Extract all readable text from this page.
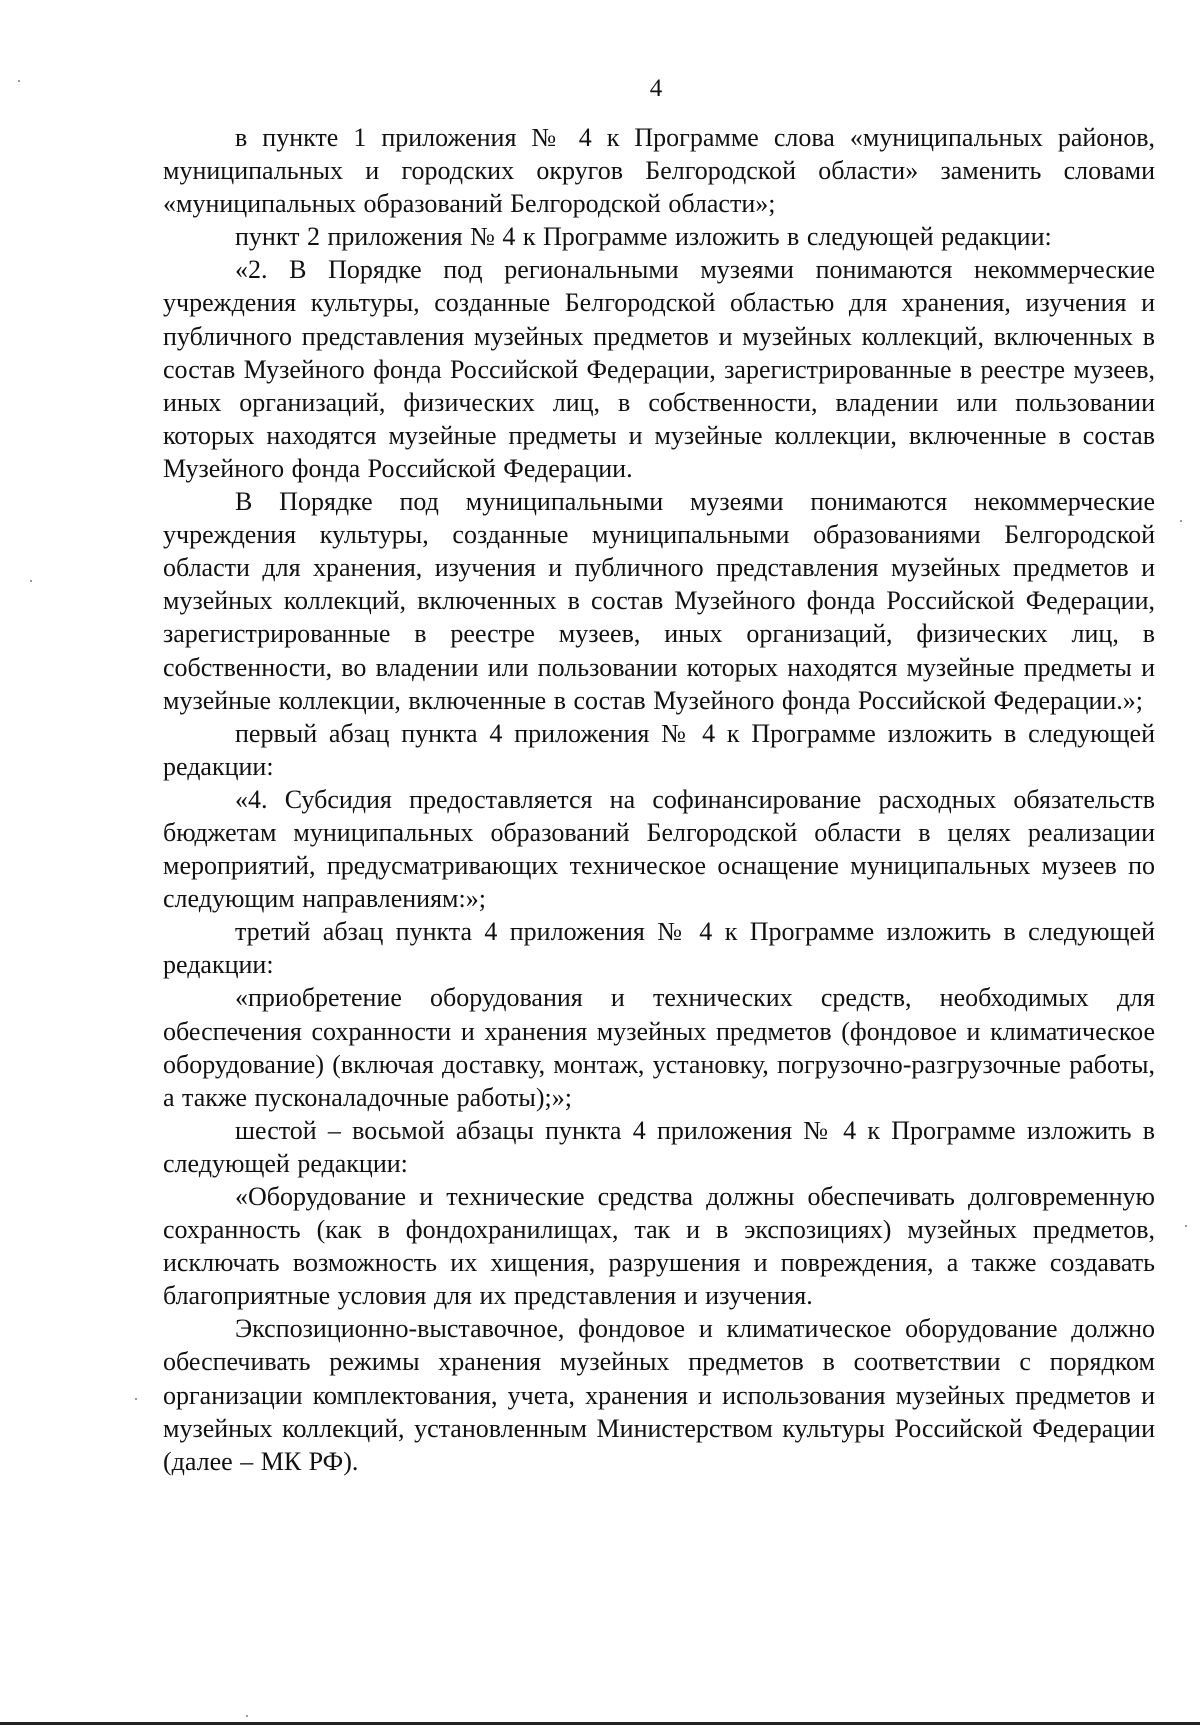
4

в пункте 1 приложения № 4 к Программе слова «муниципальных районов, муниципальных и городских округов Белгородской области» заменить словами «муниципальных образований Белгородской области»;

пункт 2 приложения № 4 к Программе изложить в следующей редакции:

«2. В Порядке под региональными музеями понимаются некоммерческие учреждения культуры, созданные Белгородской областью для хранения, изучения и публичного представления музейных предметов и музейных коллекций, включенных в состав Музейного фонда Российской Федерации, зарегистрированные в реестре музеев, иных организаций, физических лиц, в собственности, владении или пользовании которых находятся музейные предметы и музейные коллекции, включенные в состав Музейного фонда Российской Федерации.

В Порядке под муниципальными музеями понимаются некоммерческие учреждения культуры, созданные муниципальными образованиями Белгородской области для хранения, изучения и публичного представления музейных предметов и музейных коллекций, включенных в состав Музейного фонда Российской Федерации, зарегистрированные в реестре музеев, иных организаций, физических лиц, в собственности, во владении или пользовании которых находятся музейные предметы и музейные коллекции, включенные в состав Музейного фонда Российской Федерации.»;

первый абзац пункта 4 приложения № 4 к Программе изложить в следующей редакции:

«4. Субсидия предоставляется на софинансирование расходных обязательств бюджетам муниципальных образований Белгородской области в целях реализации мероприятий, предусматривающих техническое оснащение муниципальных музеев по следующим направлениям:»;

третий абзац пункта 4 приложения № 4 к Программе изложить в следующей редакции:

«приобретение оборудования и технических средств, необходимых для обеспечения сохранности и хранения музейных предметов (фондовое и климатическое оборудование) (включая доставку, монтаж, установку, погрузочно-разгрузочные работы, а также пусконаладочные работы);»;

шестой – восьмой абзацы пункта 4 приложения № 4 к Программе изложить в следующей редакции:

«Оборудование и технические средства должны обеспечивать долговременную сохранность (как в фондохранилищах, так и в экспозициях) музейных предметов, исключать возможность их хищения, разрушения и повреждения, а также создавать благоприятные условия для их представления и изучения.

Экспозиционно-выставочное, фондовое и климатическое оборудование должно обеспечивать режимы хранения музейных предметов в соответствии с порядком организации комплектования, учета, хранения и использования музейных предметов и музейных коллекций, установленным Министерством культуры Российской Федерации (далее – МК РФ).
